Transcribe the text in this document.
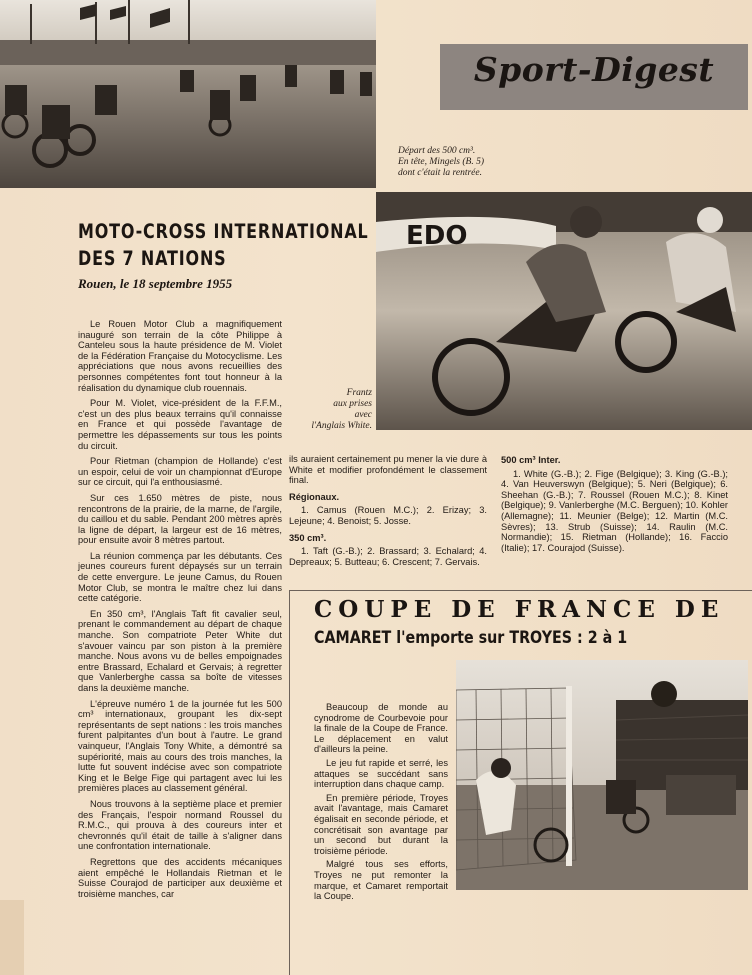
Sport-Digest
Départ des 500 cm³.
En tête, Mingels (B. 5)
dont c'était la rentrée.
EDO
Frantz
aux prises
avec
l'Anglais White.
MOTO-CROSS INTERNATIONAL
DES 7 NATIONS
Rouen, le 18 septembre 1955

Le Rouen Motor Club a magnifiquement inauguré son terrain de la côte Philippe à Canteleu sous la haute présidence de M. Violet de la Fédération Française du Motocyclisme. Les appréciations que nous avons recueillies des personnes compétentes font tout honneur à la réalisation du dynamique club rouennais.

Pour M. Violet, vice-président de la F.F.M., c'est un des plus beaux terrains qu'il connaisse en France et qui possède l'avantage de permettre les dépassements sur tous les points du circuit.

Pour Rietman (champion de Hollande) c'est un espoir, celui de voir un championnat d'Europe sur ce circuit, qui l'a enthousiasmé.

Sur ces 1.650 mètres de piste, nous rencontrons de la prairie, de la marne, de l'argile, du caillou et du sable. Pendant 200 mètres après la ligne de départ, la largeur est de 16 mètres, pour ensuite avoir 8 mètres partout.

La réunion commença par les débutants. Ces jeunes coureurs furent dépaysés sur un terrain de cette envergure. Le jeune Camus, du Rouen Motor Club, se montra le maître chez lui dans cette catégorie.

En 350 cm³, l'Anglais Taft fit cavalier seul, prenant le commandement au départ de chaque manche. Son compatriote Peter White dut s'avouer vaincu par son piston à la première manche. Nous avons vu de belles empoignades entre Brassard, Echalard et Gervais; à regretter que Vanlerberghe cassa sa boîte de vitesses dans la deuxième manche.

L'épreuve numéro 1 de la journée fut les 500 cm³ internationaux, groupant les dix-sept représentants de sept nations : les trois manches furent palpitantes d'un bout à l'autre. Le grand vainqueur, l'Anglais Tony White, a démontré sa supériorité, mais au cours des trois manches, la lutte fut souvent indécise avec son compatriote King et le Belge Fige qui partagent avec lui les premières places au classement général.

Nous trouvons à la septième place et premier des Français, l'espoir normand Roussel du R.M.C., qui prouva à des coureurs inter et chevronnés qu'il était de taille à s'aligner dans une confrontation internationale.

Regrettons que des accidents mécaniques aient empêché le Hollandais Rietman et le Suisse Courajod de participer aux deuxième et troisième manches, car

ils auraient certainement pu mener la vie dure à White et modifier profondément le classement final.

Régionaux.

1. Camus (Rouen M.C.); 2. Erizay; 3. Lejeune; 4. Benoist; 5. Josse.

350 cm³.

1. Taft (G.-B.); 2. Brassard; 3. Echalard; 4. Depreaux; 5. Butteau; 6. Crescent; 7. Gervais.

500 cm³ Inter.

1. White (G.-B.); 2. Fige (Belgique); 3. King (G.-B.); 4. Van Heuverswyn (Belgique); 5. Neri (Belgique); 6. Sheehan (G.-B.); 7. Roussel (Rouen M.C.); 8. Kinet (Belgique); 9. Vanlerberghe (M.C. Berguen); 10. Kohler (Allemagne); 11. Meunier (Belge); 12. Martin (M.C. Sèvres); 13. Strub (Suisse); 14. Raulin (M.C. Normandie); 15. Rietman (Hollande); 16. Faccio (Italie); 17. Courajod (Suisse).

COUPE DE FRANCE DE
CAMARET l'emporte sur TROYES : 2 à 1

Beaucoup de monde au cynodrome de Courbevoie pour la finale de la Coupe de France. Le déplacement en valut d'ailleurs la peine.

Le jeu fut rapide et serré, les attaques se succédant sans interruption dans chaque camp.

En première période, Troyes avait l'avantage, mais Camaret égalisait en seconde période, et concrétisait son avantage par un second but durant la troisième période.

Malgré tous ses efforts, Troyes ne put remonter la marque, et Camaret remportait la Coupe.
